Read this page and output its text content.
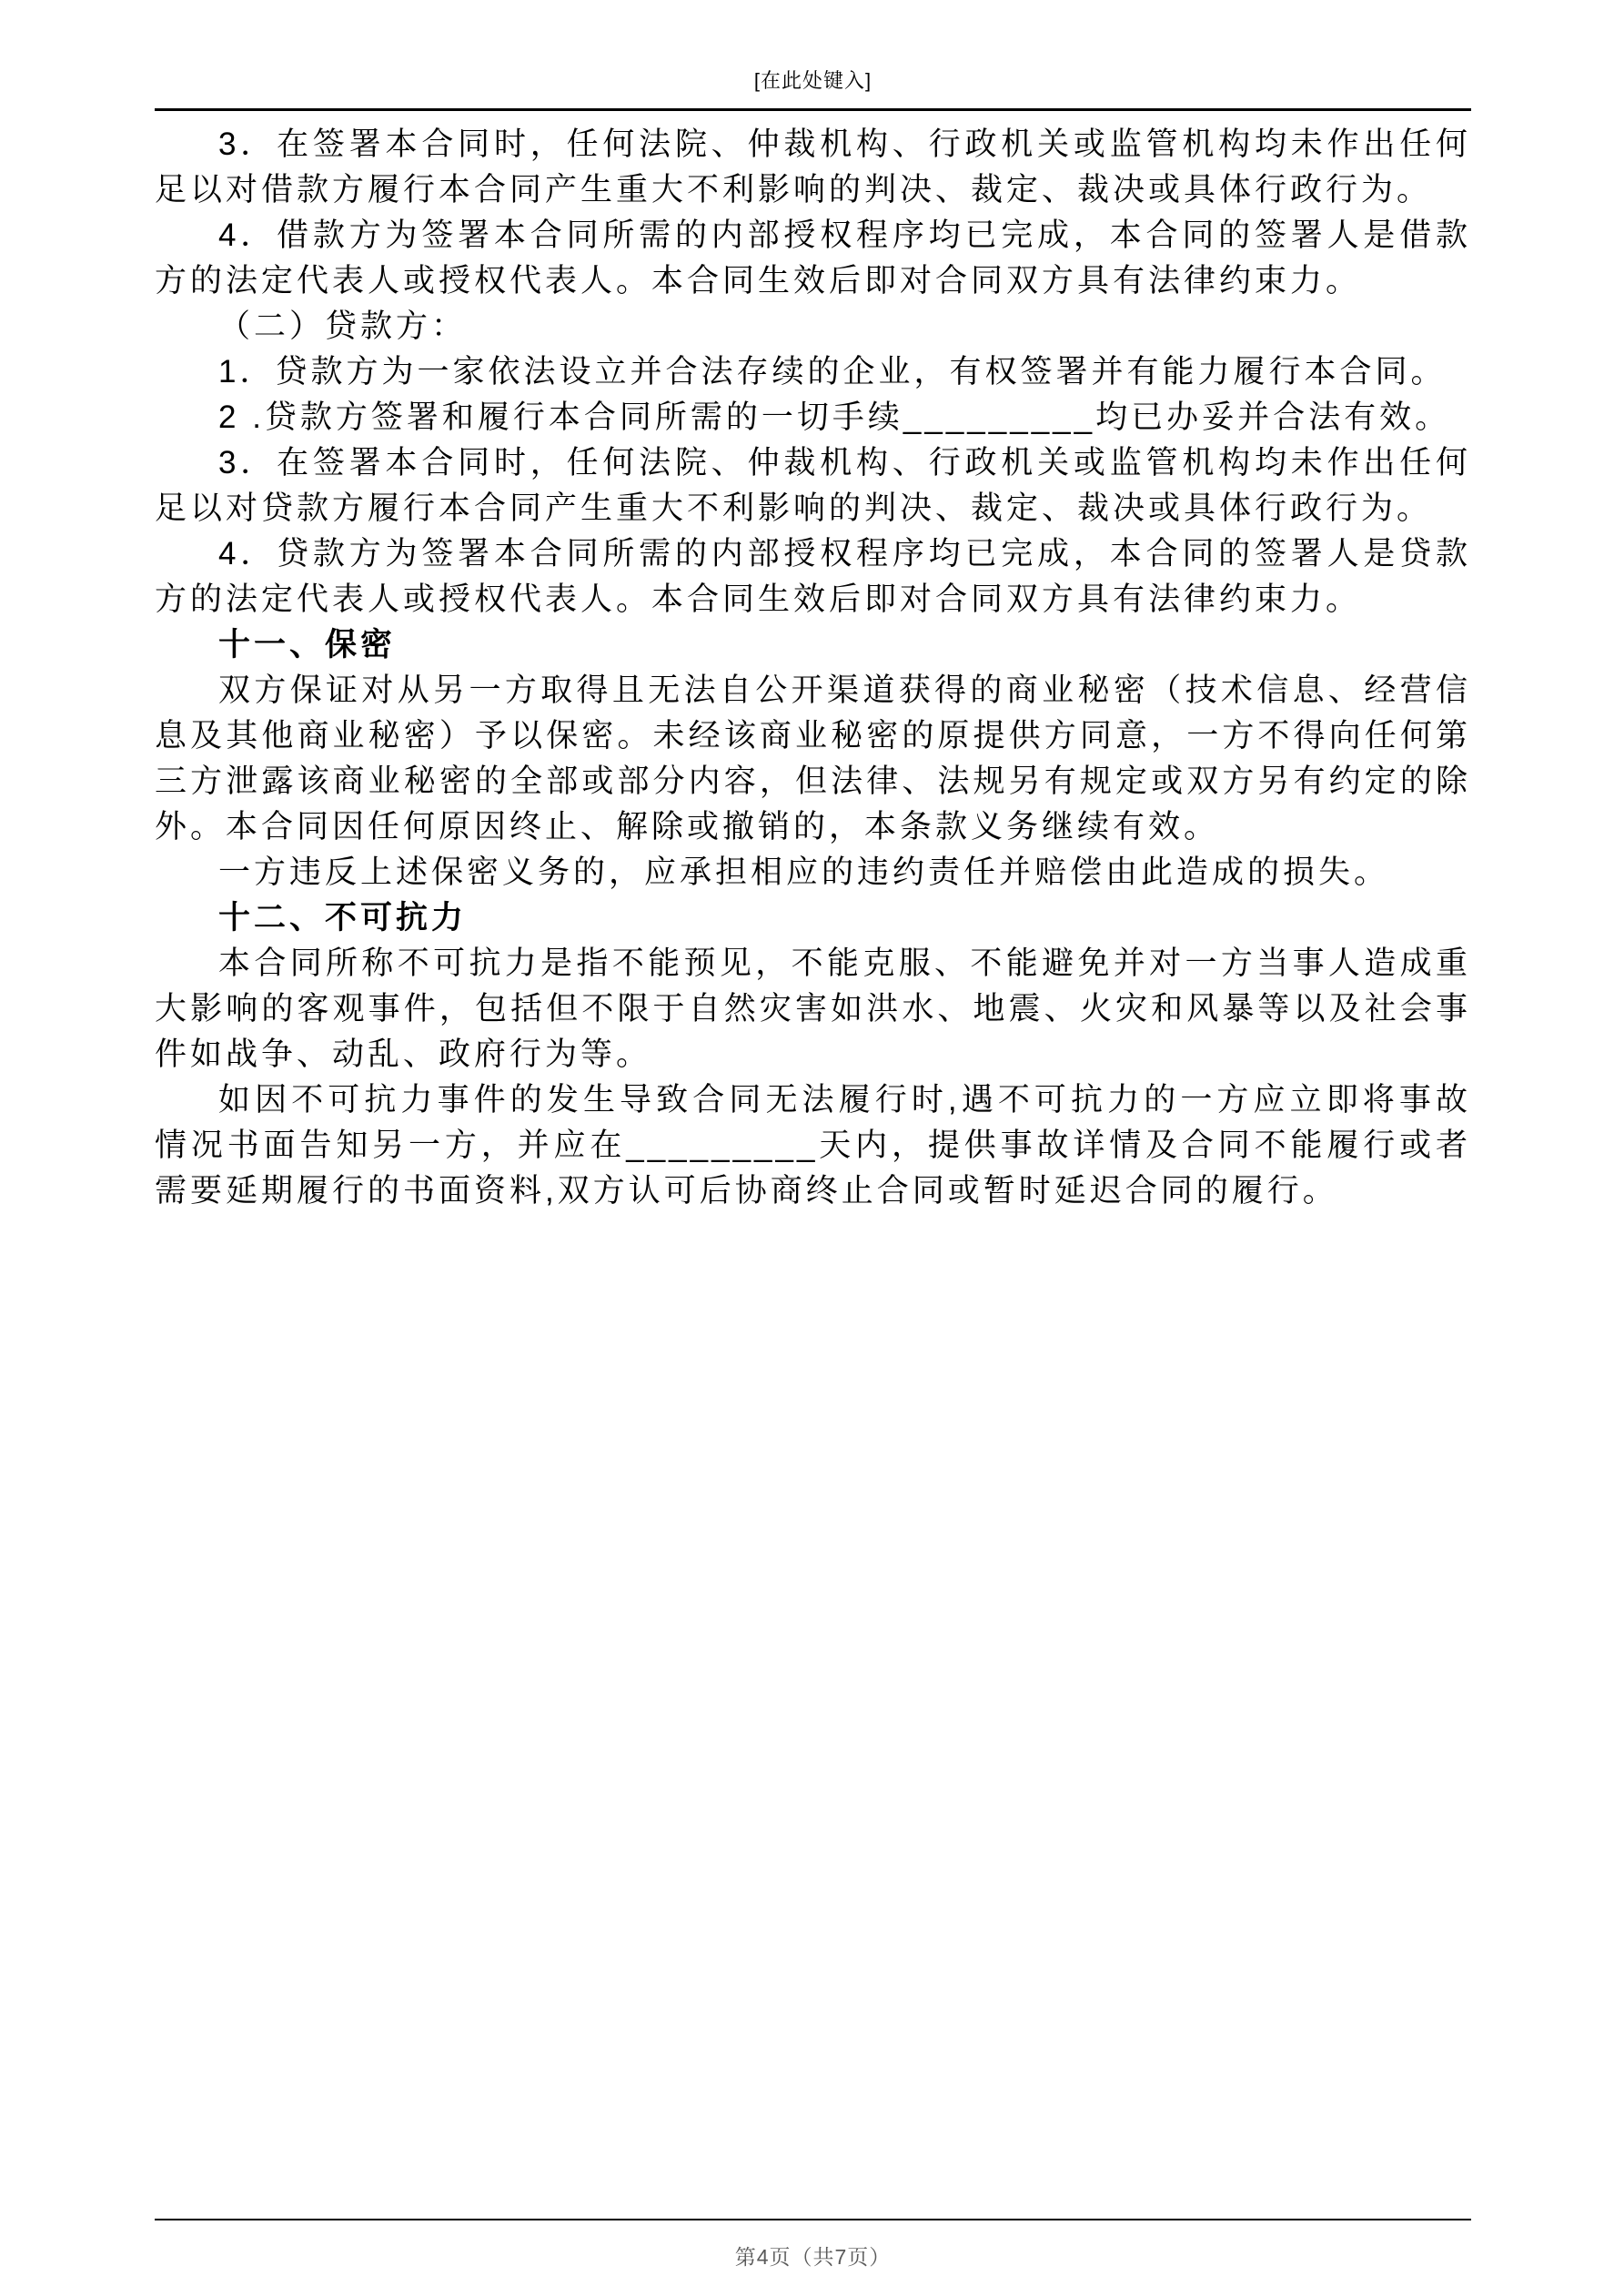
[在此处键入]

3．在签署本合同时，任何法院、仲裁机构、行政机关或监管机构均未作出任何足以对借款方履行本合同产生重大不利影响的判决、裁定、裁决或具体行政行为。

4．借款方为签署本合同所需的内部授权程序均已完成，本合同的签署人是借款方的法定代表人或授权代表人。本合同生效后即对合同双方具有法律约束力。

（二）贷款方：

1．贷款方为一家依法设立并合法存续的企业，有权签署并有能力履行本合同。

2 .贷款方签署和履行本合同所需的一切手续_________均已办妥并合法有效。

3．在签署本合同时，任何法院、仲裁机构、行政机关或监管机构均未作出任何足以对贷款方履行本合同产生重大不利影响的判决、裁定、裁决或具体行政行为。

4．贷款方为签署本合同所需的内部授权程序均已完成，本合同的签署人是贷款方的法定代表人或授权代表人。本合同生效后即对合同双方具有法律约束力。

十一、保密

双方保证对从另一方取得且无法自公开渠道获得的商业秘密（技术信息、经营信息及其他商业秘密）予以保密。未经该商业秘密的原提供方同意，一方不得向任何第三方泄露该商业秘密的全部或部分内容，但法律、法规另有规定或双方另有约定的除外。本合同因任何原因终止、解除或撤销的，本条款义务继续有效。

一方违反上述保密义务的，应承担相应的违约责任并赔偿由此造成的损失。

十二、不可抗力

本合同所称不可抗力是指不能预见，不能克服、不能避免并对一方当事人造成重大影响的客观事件，包括但不限于自然灾害如洪水、地震、火灾和风暴等以及社会事件如战争、动乱、政府行为等。

如因不可抗力事件的发生导致合同无法履行时,遇不可抗力的一方应立即将事故情况书面告知另一方，并应在_________天内，提供事故详情及合同不能履行或者需要延期履行的书面资料,双方认可后协商终止合同或暂时延迟合同的履行。

第4页（共7页）
